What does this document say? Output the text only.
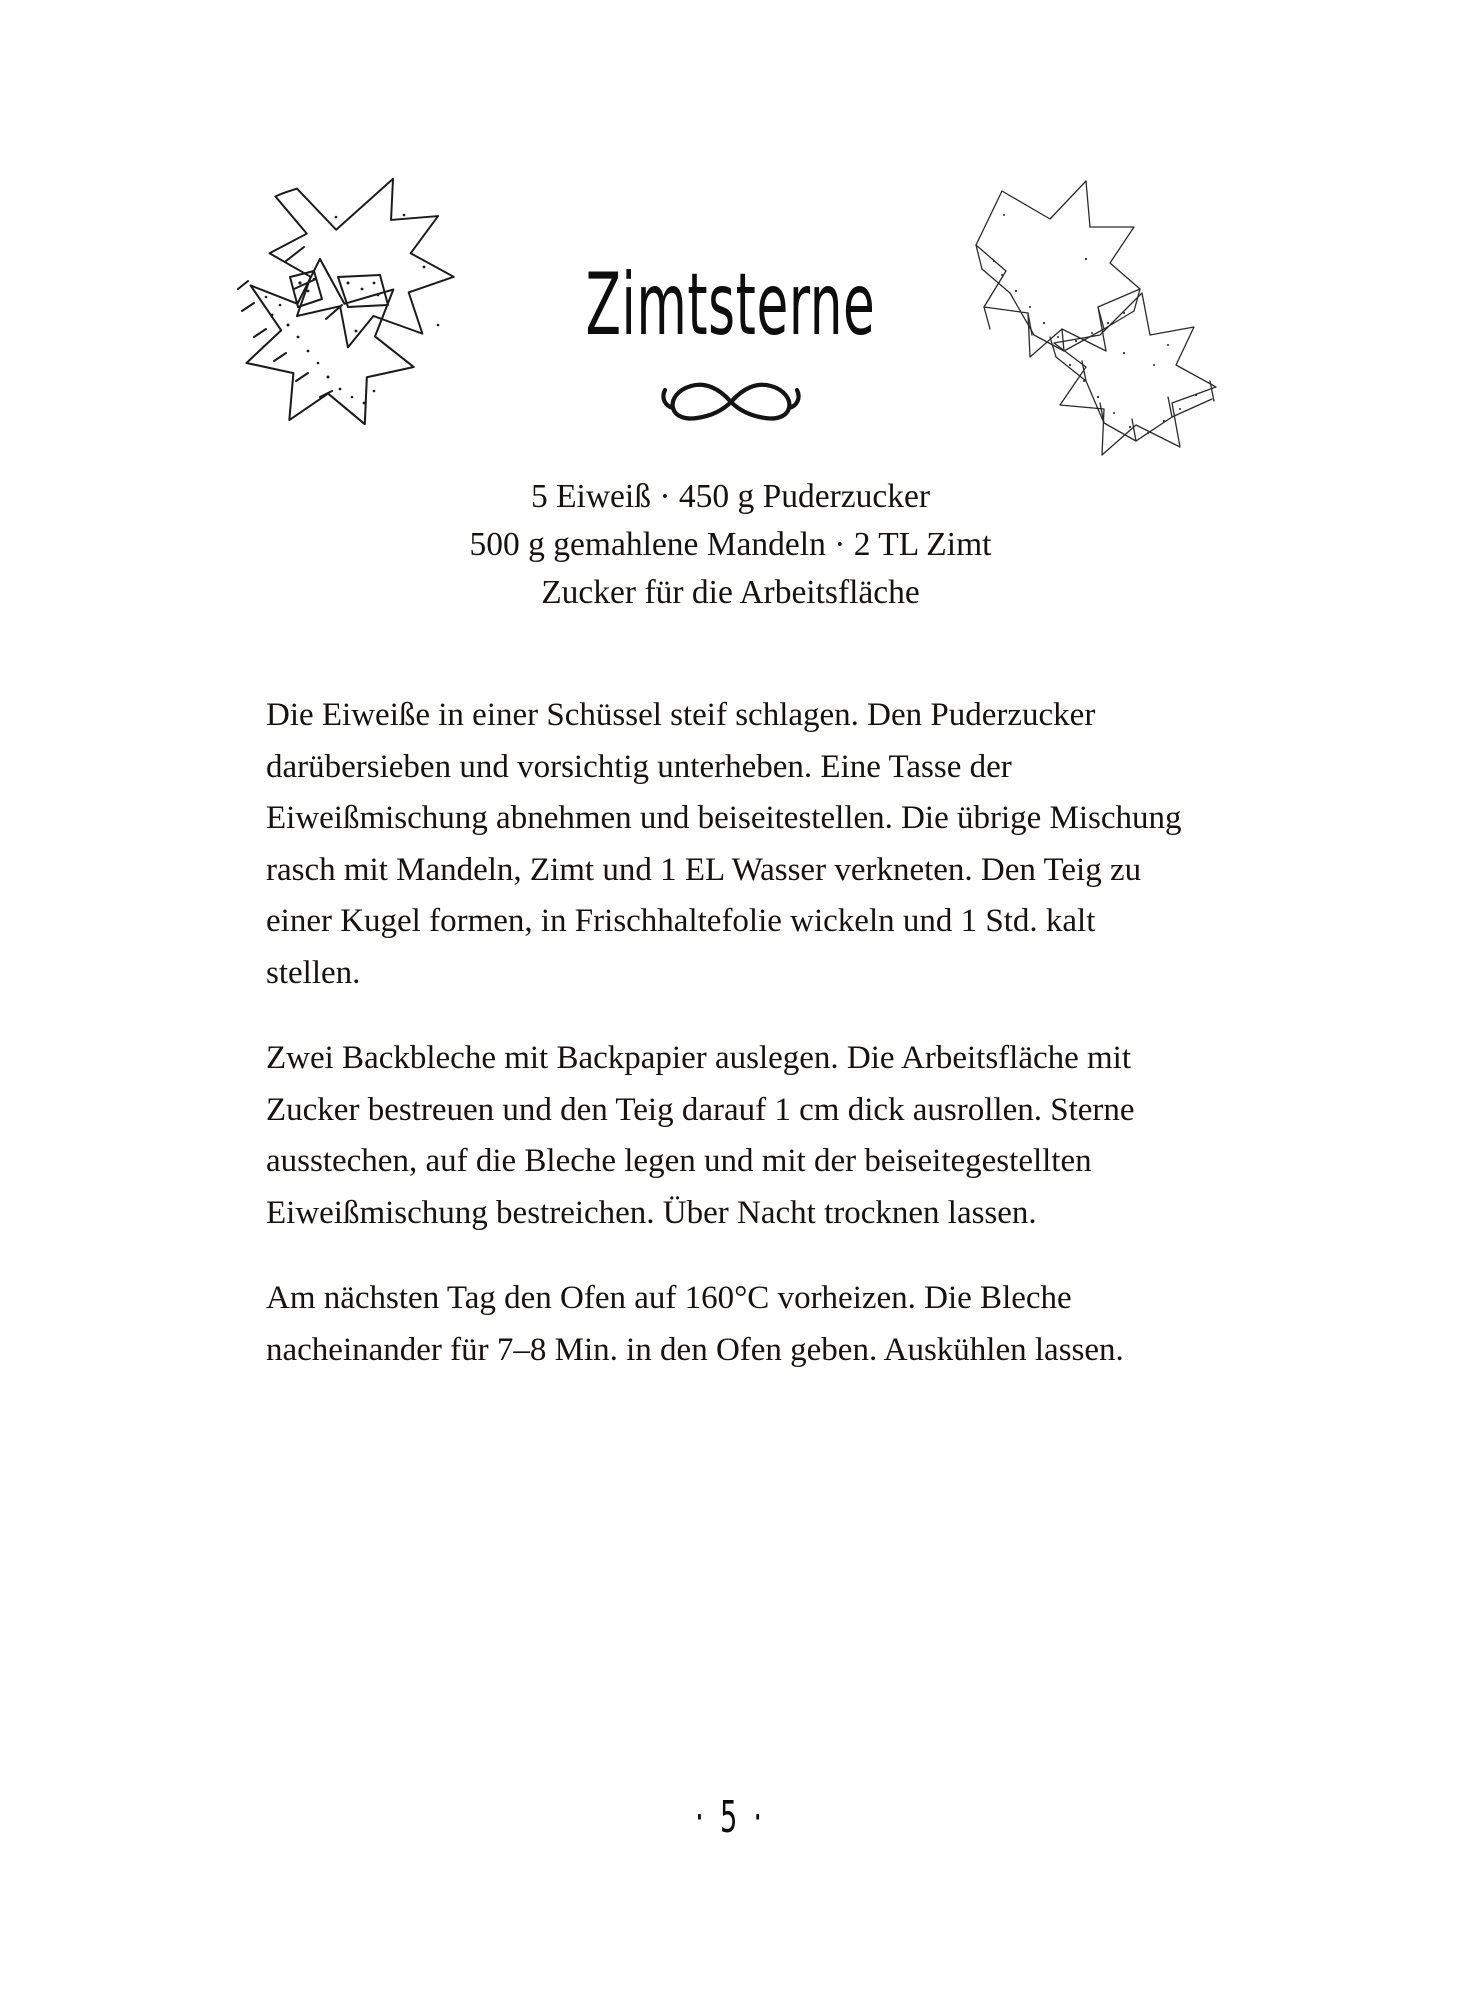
Zimtsterne
5 Eiweiß · 450 g Puderzucker
500 g gemahlene Mandeln · 2 TL Zimt
Zucker für die Arbeitsfläche

Die Eiweiße in einer Schüssel steif schlagen. Den Puderzucker darübersieben und vorsichtig unterheben. Eine Tasse der Eiweißmischung abnehmen und beiseitestellen. Die übrige Mischung rasch mit Mandeln, Zimt und 1 EL Wasser verkneten. Den Teig zu einer Kugel formen, in Frischhaltefolie wickeln und 1 Std. kalt stellen.

Zwei Backbleche mit Backpapier auslegen. Die Arbeitsfläche mit Zucker bestreuen und den Teig darauf 1 cm dick ausrollen. Sterne ausstechen, auf die Bleche legen und mit der beiseitegestellten Eiweißmischung bestreichen. Über Nacht trocknen lassen.

Am nächsten Tag den Ofen auf 160°C vorheizen. Die Bleche nacheinander für 7–8 Min. in den Ofen geben. Auskühlen lassen.

· 5 ·
